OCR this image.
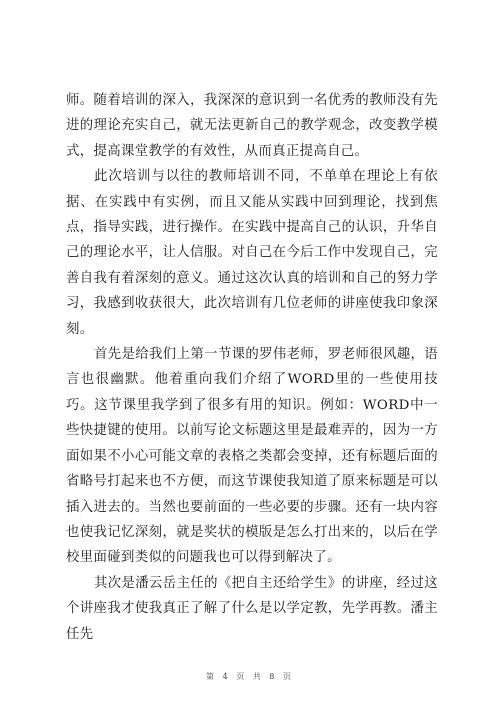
师。随着培训的深入，我深深的意识到一名优秀的教师没有先进的理论充实自己，就无法更新自己的教学观念，改变教学模式，提高课堂教学的有效性，从而真正提高自己。

此次培训与以往的教师培训不同，不单单在理论上有依据、在实践中有实例，而且又能从实践中回到理论，找到焦点，指导实践，进行操作。在实践中提高自己的认识，升华自己的理论水平，让人信服。对自己在今后工作中发现自己，完善自我有着深刻的意义。通过这次认真的培训和自己的努力学习，我感到收获很大，此次培训有几位老师的讲座使我印象深刻。

首先是给我们上第一节课的罗伟老师，罗老师很风趣，语言也很幽默。他着重向我们介绍了WORD里的一些使用技巧。这节课里我学到了很多有用的知识。例如：WORD中一些快捷键的使用。以前写论文标题这里是最难弄的，因为一方面如果不小心可能文章的表格之类都会变掉，还有标题后面的省略号打起来也不方便，而这节课使我知道了原来标题是可以插入进去的。当然也要前面的一些必要的步骤。还有一块内容也使我记忆深刻，就是奖状的模版是怎么打出来的，以后在学校里面碰到类似的问题我也可以得到解决了。

其次是潘云岳主任的《把自主还给学生》的讲座，经过这个讲座我才使我真正了解了什么是以学定教，先学再教。潘主任先

第 4 页 共 8 页
